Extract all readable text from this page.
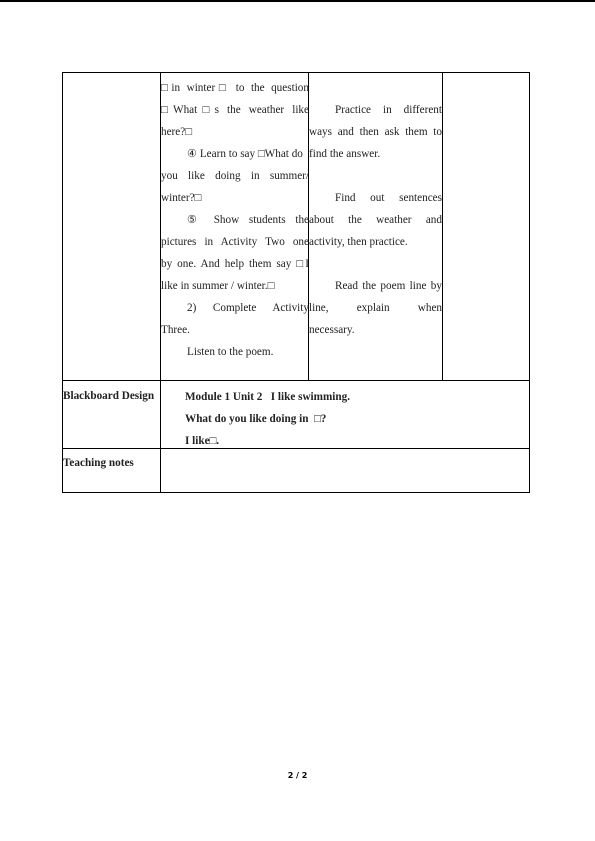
□in winter□ to the question
□What□s the weather like
here?□
④ Learn to say □What do
you like doing in summer/
winter?□
⑤ Show students the
pictures in Activity Two one
by one. And help them say □I
like in summer / winter.□
2) Complete Activity
Three.
Listen to the poem.
Practice in different
ways and then ask them to
find the answer.
Find out sentences
about the weather and
activity, then practice.
Read the poem line by
line, explain when
necessary.
Blackboard Design	Module 1 Unit 2   I like swimming.
What do you like doing in  □?
I like□.
Teaching notes
2 / 2
